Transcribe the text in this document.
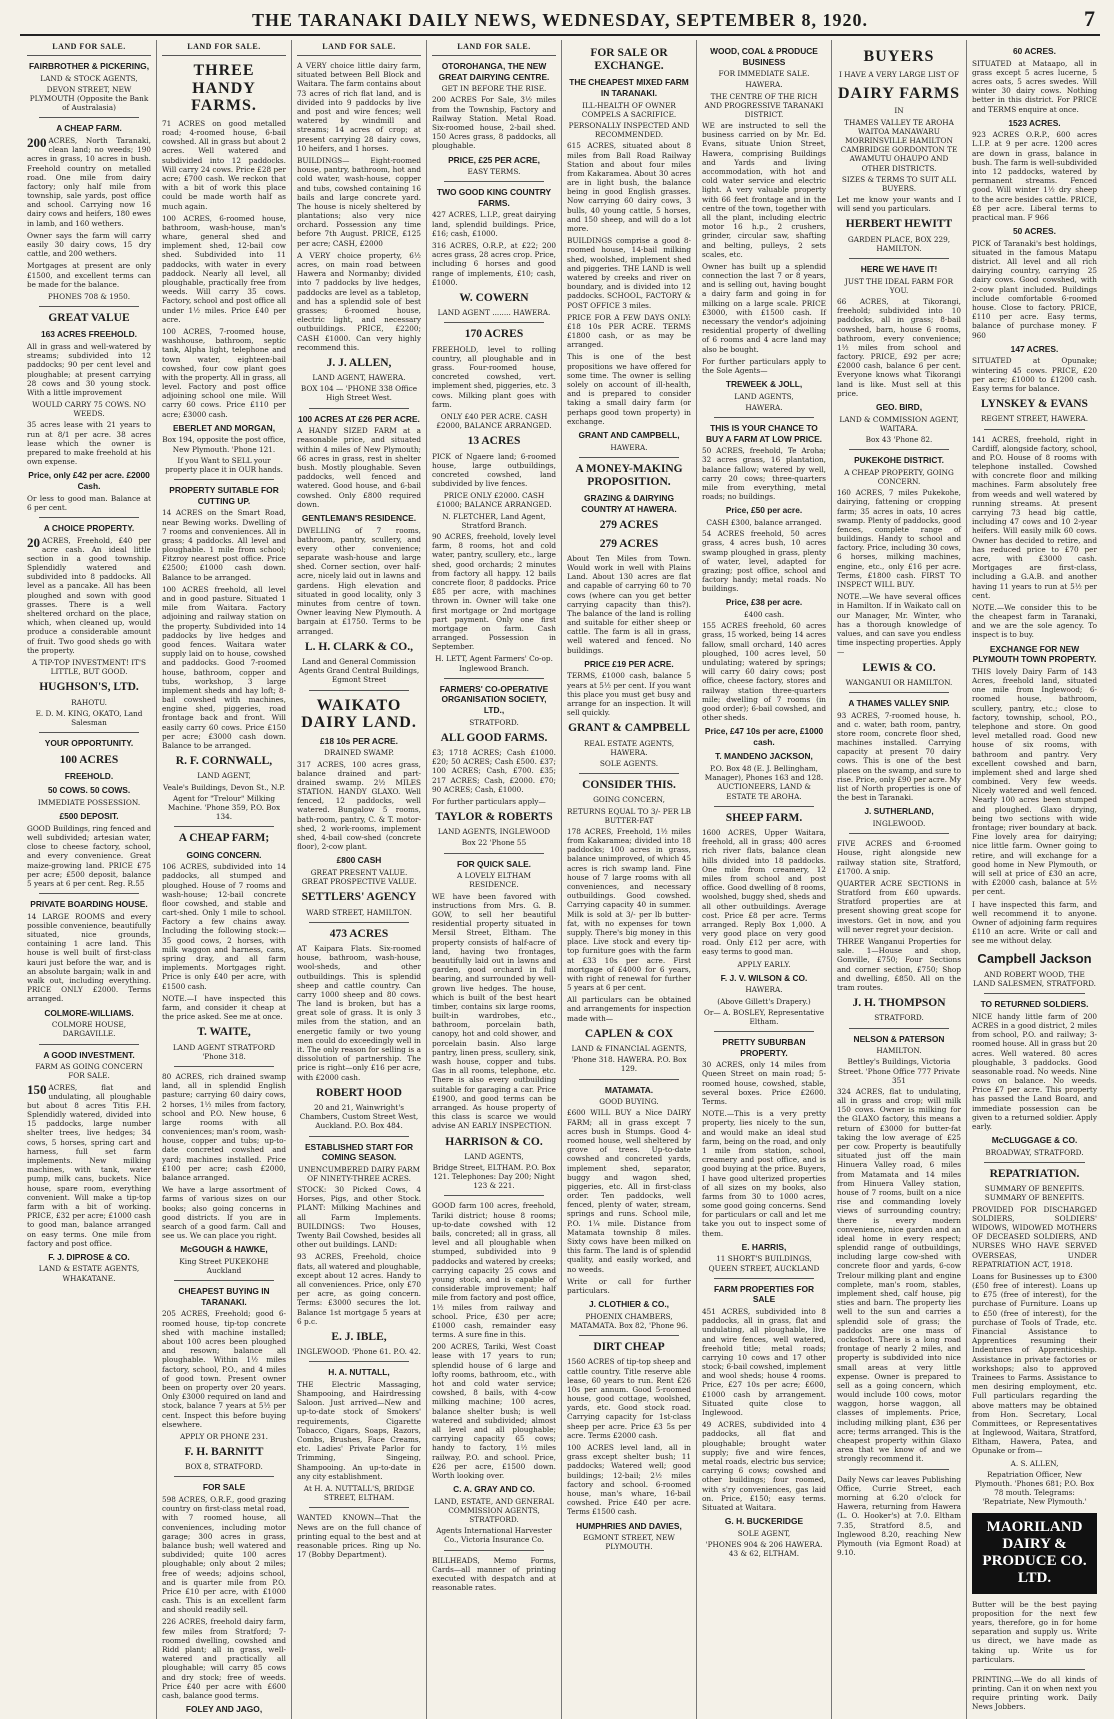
THE TARANAKI DAILY NEWS, WEDNESDAY, SEPTEMBER 8, 1920.	7
LAND FOR SALE.
FAIRBROTHER & PICKERING,
LAND & STOCK AGENTS,
DEVON STREET, NEW PLYMOUTH (Opposite the Bank of Australasia)
A CHEAP FARM.

200 ACRES, North Taranaki, clean land; no weeds; 190 acres in grass, 10 acres in bush. Freehold country on metalled road. One mile from dairy factory; only half mile from township, sale yards, post office and school. Carrying now 16 dairy cows and heifers, 180 ewes in lamb, and 160 wethers.

Owner says the farm will carry easily 30 dairy cows, 15 dry cattle, and 200 wethers.

Mortgages at present are only £1500, and excellent terms can be made for the balance.

PHONES 708 & 1950.
GREAT VALUE
163 ACRES FREEHOLD.

All in grass and well-watered by streams; subdivided into 12 paddocks; 90 per cent level and ploughable; at present carrying 28 cows and 30 young stock. With a little improvement

WOULD CARRY 75 COWS. NO WEEDS.

35 acres lease with 21 years to run at 8/1 per acre. 38 acres lease which the owner is prepared to make freehold at his own expense.

Price, only £42 per acre. £2000 Cash.

Or less to good man. Balance at 6 per cent.

A CHOICE PROPERTY.

20 ACRES, Freehold, £40 per acre cash. An ideal little section in a good township. Splendidly watered and subdivided into 8 paddocks. All level as a pancake. All has been ploughed and sown with good grasses. There is a well sheltered orchard on the place, which, when cleaned up, would produce a considerable amount of fruit. Two good sheds go with the property.

A TIP-TOP INVESTMENT! IT'S LITTLE, BUT GOOD.
HUGHSON'S, LTD.
RAHOTU.
E. D. M. KING, OKATO, Land Salesman
YOUR OPPORTUNITY.
100 ACRES
FREEHOLD.
50 COWS. 50 COWS.
IMMEDIATE POSSESSION.
£500 DEPOSIT.

GOOD Buildings, ring fenced and well subdivided; artesian water, close to cheese factory, school, and every convenience. Great maize-growing land. PRICE £75 per acre; £500 deposit, balance 5 years at 6 per cent. Reg. R.55

PRIVATE BOARDING HOUSE.

14 LARGE ROOMS and every possible convenience, beautifully situated, nice grounds, containing 1 acre land. This house is well built of first-class kauri just before the war, and is an absolute bargain; walk in and walk out, including everything. PRICE ONLY £2000. Terms arranged.

COLMORE-WILLIAMS.
COLMORE HOUSE, DARGAVILLE.
A GOOD INVESTMENT.
FARM AS GOING CONCERN FOR SALE.

150 ACRES, flat and undulating, all ploughable but about 8 acres Titis F.H. Splendidly watered, divided into 15 paddocks, large number shelter trees, live hedges; 34 cows, 5 horses, spring cart and harness, full set farm implements. New milking machines, with tank, water pump, milk cans, buckets. Nice house, spare room, everything convenient. Will make a tip-top farm with a bit of working. PRICE, £32 per acre; £1000 cash to good man, balance arranged on easy terms. One mile from factory and post office.

F. J. DIPROSE & CO.
LAND & ESTATE AGENTS, WHAKATANE.
LAND FOR SALE.
THREE HANDY FARMS.

71 ACRES on good metalled road; 4-roomed house, 6-bail cowshed. All in grass but about 2 acres. Well watered and subdivided into 12 paddocks. Will carry 24 cows. Price £28 per acre; £700 cash. We reckon that with a bit of work this place could be made worth half as much again.

100 ACRES, 6-roomed house, bathroom, wash-house, man's whare, general shed and implement shed, 12-bail cow shed. Subdivided into 11 paddocks, with water in every paddock. Nearly all level, all ploughable, practically free from weeds. Will carry 35 cows. Factory, school and post office all under 1½ miles. Price £40 per acre.

100 ACRES, 7-roomed house, washhouse, bathroom, septic tank, Alpha light, telephone and town water, eighteen-bail cowshed, four cow plant goes with the property. All in grass, all level. Factory and post office adjoining school one mile. Will carry 60 cows. Price £110 per acre; £3000 cash.

EBERLET AND MORGAN,
Box 194, opposite the post office, New Plymouth. 'Phone 121.
If you Want to SELL your property place it in OUR hands.
PROPERTY SUITABLE FOR CUTTING UP.

14 ACRES on the Smart Road, near Bewing works. Dwelling of 7 rooms and conveniences. All in grass; 4 paddocks. All level and ploughable. 1 mile from school; Fitzroy nearest post office. Price £2500; £1000 cash down. Balance to be arranged.

100 ACRES freehold, all level and in good pasture. Situated 1 mile from Waitara. Factory adjoining and railway station on the property. Subdivided into 14 paddocks by live hedges and good fences. Waitara water supply laid on to house, cowshed and paddocks. Good 7-roomed house, bathroom, copper and tubs, workshop, 3 large implement sheds and hay loft; 8-bail cowshed with machines, engine shed, piggeries, road frontage back and front. Will easily carry 60 cows. Price £150 per acre; £3000 cash down. Balance to be arranged.

R. F. CORNWALL,
LAND AGENT,
Veale's Buildings, Devon St., N.P.
Agent for "Trelour" Milking Machine. 'Phone 359, P.O. Box 134.
A CHEAP FARM;
GOING CONCERN.

106 ACRES, subdivided into 14 paddocks, all stumped and ploughed. House of 7 rooms and wash-house; 12-bail concrete floor cowshed, and stable and cart-shed. Only 1 mile to school. Factory a few chains away. Including the following stock:—35 good cows, 2 horses, with milk waggon and harness, cans, spring dray, and all farm implements. Mortgages right. Price is only £40 per acre, with £1500 cash.

NOTE.—I have inspected this farm, and consider it cheap at the price asked. See me at once.

T. WAITE,
LAND AGENT STRATFORD 'Phone 318.

80 ACRES, rich drained swamp land, all in splendid English pasture; carrying 60 dairy cows, 2 horses, 1½ miles from factory, school and P.O. New house, 6 large rooms with all conveniences; man's room, wash-house, copper and tubs; up-to-date concreted cowshed and yard; machines installed. Price £100 per acre; cash £2000, balance arranged.

We have a large assortment of farms of various sizes on our books; also going concerns in good districts. If you are in search of a good farm. Call and see us. We can place you right.

McGOUGH & HAWKE,
King Street PUKEKOHE Auckland
CHEAPEST BUYING IN TARANAKI.

205 ACRES, Freehold; good 6-roomed house, tip-top concrete shed with machine installed; about 100 acres been ploughed and resown; balance all ploughable. Within 1½ miles factory, school, P.O., and 4 miles of good town. Present owner been on property over 20 years. Only £3000 required on land and stock, balance 7 years at 5½ per cent. Inspect this before buying elsewhere.

APPLY OR PHONE 231.
F. H. BARNITT
BOX 8, STRATFORD.
FOR SALE

598 ACRES, O.R.F., good grazing country on first-class metal road, with 7 roomed house, all conveniences, including motor garage; 300 acres in grass, balance bush; well watered and subdivided; quite 100 acres ploughable; only about 2 miles; free of weeds; adjoins school, and is quarter mile from P.O. Price £10 per acre, with £1000 cash. This is an excellent farm and should readily sell.

226 ACRES, freehold dairy farm, few miles from Stratford; 7-roomed dwelling, cowshed and Ridd plant; all in grass, well-watered and practically all ploughable; will carry 85 cows and dry stock; free of weeds. Price £40 per acre with £600 cash, balance good terms.

FOLEY AND JAGO,
LAND FOR SALE.

A VERY choice little dairy farm, situated between Bell Block and Waitara. The farm contains about 73 acres of rich flat land, and is divided into 9 paddocks by live and post and wire fences; well watered by windmill and streams; 14 acres of crop; at present carrying 28 dairy cows, 10 heifers, and 1 horses.

BUILDINGS— Eight-roomed house, pantry, bathroom, hot and cold water, wash-house, copper and tubs, cowshed containing 16 bails and large concrete yard. The house is nicely sheltered by plantations; also very nice orchard. Possession any time before 7th August. PRICE, £125 per acre; CASH, £2000

A VERY choice property, 6½ acres, on main road between Hawera and Normanby; divided into 7 paddocks by live hedges, paddocks are level as a tabletop, and has a splendid sole of best grasses; 6-roomed house, electric light, and necessary outbuildings. PRICE, £2200; CASH £1000. Can very highly recommend this.

J. J. ALLEN,
LAND AGENT, HAWERA.
BOX 104 — 'PHONE 338 Office High Street West.
100 ACRES AT £26 PER ACRE.

A HANDY SIZED FARM at a reasonable price, and situated within 4 miles of New Plymouth; 66 acres in grass, rest in shelter bush. Mostly ploughable. Seven paddocks, well fenced and watered. Good house, and 6-bail cowshed. Only £800 required down.

GENTLEMAN'S RESIDENCE.

DWELLING of 7 rooms, bathroom, pantry, scullery, and every other convenience; separate wash-house and large shed. Corner section, over half-acre, nicely laid out in lawns and gardens. High elevation and situated in good locality, only 3 minutes from centre of town. Owner leaving New Plymouth. A bargain at £1750. Terms to be arranged.

L. H. CLARK & CO.,
Land and General Commission Agents Grand Central Buildings, Egmont Street
WAIKATO DAIRY LAND.
£18 10s PER ACRE.
DRAINED SWAMP.

317 ACRES, 100 acres grass, balance drained and part-drained swamp. 2½ MILES STATION. HANDY GLAXO. Well fenced, 12 paddocks, well watered. Bungalow 5 rooms, bath-room, pantry, C. & T. motor-shed, 2 work-rooms, implement shed, 4-bail cow-shed (concrete floor), 2-cow plant.

£800 CASH
GREAT PRESENT VALUE. GREAT PROSPECTIVE VALUE.
SETTLERS' AGENCY
WARD STREET, HAMILTON.
473 ACRES

AT Kaipara Flats. Six-roomed house, bathroom, wash-house, wool-sheds, and other outbuildings. This is splendid sheep and cattle country. Can carry 1000 sheep and 80 cows. The land is broken, but has a great sole of grass. It is only 3 miles from the station, and an energetic family or two young men could do exceedingly well in it. The only reason for selling is a dissolution of partnership. The price is right—only £16 per acre, with £2000 cash.

ROBERT HOOD
20 and 21, Wainwright's Chambers, Custom Street West, Auckland. P.O. Box 484.
ESTABLISHED START FOR COMING SEASON.
UNENCUMBERED DAIRY FARM OF NINETY-THREE ACRES.

STOCK: 30 Picked Cows, 4 Horses, Pigs, and other Stock. PLANT: Milking Machines and all Farm Implements. BUILDINGS: Two Houses, Twenty Bail Cowshed, besides all other out buildings. LAND:

93 ACRES, Freehold, choice flats, all watered and ploughable, except about 12 acres. Handy to all conveniences. Price, only £70 per acre, as going concern. Terms: £3000 secures the lot. Balance 1st mortgage 5 years at 6 p.c.

E. J. IBLE,
INGLEWOOD. 'Phone 61. P.O. 42.
H. A. NUTTALL,

THE Electric Massaging, Shampooing, and Hairdressing Saloon. Just arrived—New and up-to-date stock of Smokers' requirements, Cigarette Tobacco, Cigars, Soaps, Razors, Combs, Brushes, Face Creams, etc. Ladies' Private Parlor for Trimming, Singeing, Shampooing. An up-to-date in any city establishment.

At H. A. NUTTALL'S, BRIDGE STREET, ELTHAM.

WANTED KNOWN—That the News are on the full chance of printing equal to the best and at reasonable prices. Ring up No. 17 (Bobby Department).

LAND FOR SALE.
OTOROHANGA, THE NEW GREAT DAIRYING CENTRE.
GET IN BEFORE THE RISE.

200 ACRES For Sale, 3½ miles from the Township, Factory and Railway Station. Metal Road. Six-roomed house, 2-bail shed. 150 Acres grass, 8 paddocks, all ploughable.

PRICE, £25 PER ACRE,
EASY TERMS.
TWO GOOD KING COUNTRY FARMS.

427 ACRES, L.I.P., great dairying land, splendid buildings. Price, £16; cash, £1000.

316 ACRES, O.R.P., at £22; 200 acres grass, 28 acres crop. Price, including 6 horses and good range of implements, £10; cash, £1000.

W. COWERN
LAND AGENT ........ HAWERA.
170 ACRES

FREEHOLD, level to rolling country, all ploughable and in grass. Four-roomed house, concreted cowshed, vert. implement shed, piggeries, etc. 3 cows. Milking plant goes with farm.

ONLY £40 PER ACRE. CASH £2000, BALANCE ARRANGED.
13 ACRES

PICK of Ngaere land; 6-roomed house, large outbuildings, concreted cowshed, land subdivided by live fences.

PRICE ONLY £2000. CASH £1000; BALANCE ARRANGED.
N. FLETCHER, Land Agent, Stratford Branch.

90 ACRES, freehold, lovely level farm, 8 rooms, hot and cold water, pantry, scullery, etc., large shed, good orchards; 2 minutes from factory all happy. 12 bails concrete floor, 8 paddocks. Price £85 per acre, with machines thrown in. Owner will take one first mortgage or 2nd mortgage part payment. Only one first mortgage on farm. Cash arranged. Possession in September.

H. LETT, Agent Farmers' Co-op. Inglewood Branch.
FARMERS' CO-OPERATIVE ORGANISATION SOCIETY, LTD.,
STRATFORD.
ALL GOOD FARMS.

£3; 1718 ACRES; Cash £1000. £20; 50 ACRES; Cash £500. £37; 100 ACRES; Cash, £700. £35; 217 ACRES; Cash, £2000. £70; 90 ACRES; Cash, £1000.

For further particulars apply—

TAYLOR & ROBERTS
LAND AGENTS, INGLEWOOD
Box 22 'Phone 55
FOR QUICK SALE.
A LOVELY ELTHAM RESIDENCE.

WE have been favored with instructions from Mrs. G. B. GOW, to sell her beautiful residential property situated in Mersil Street, Eltham. The property consists of half-acre of land, having two frontages, beautifully laid out in lawns and garden, good orchard in full bearing, and surrounded by well-grown live hedges. The house, which is built of the best heart timber, contains six large rooms, built-in wardrobes, etc., bathroom, porcelain bath, canopy, hot and cold shower, and porcelain basin. Also large pantry, linen press, scullery, sink, wash house, copper and tubs. Gas in all rooms, telephone, etc. There is also every outbuilding suitable for garaging a car. Price £1900, and good terms can be arranged. As house property of this class is scarce we would advise AN EARLY INSPECTION.

HARRISON & CO.
LAND AGENTS,
Bridge Street, ELTHAM. P.O. Box 121. Telephones: Day 200; Night 123 & 221.

GOOD farm 100 acres, freehold, Tariki district; house 8 rooms; up-to-date cowshed with 12 bails, concreted; all in grass, all level and all ploughable when stumped, subdivided into 9 paddocks and watered by creeks; carrying capacity 25 cows and young stock, and is capable of considerable improvement; half mile from factory and post office, 1½ miles from railway and school. Price, £30 per acre; £1000 cash, remainder easy terms. A sure fine in this.

200 ACRES, Tariki, West Coast lease with 17 years to run; splendid house of 6 large and lofty rooms, bathroom, etc., with hot and cold water service; cowshed, 8 bails, with 4-cow milking machine; 100 acres, balance shelter bush; is well watered and subdivided; almost all level and all ploughable; carrying capacity 65 cows; handy to factory, 1½ miles railway, P.O. and school. Price, £26 per acre, £1500 down. Worth looking over.

C. A. GRAY AND CO.
LAND, ESTATE, AND GENERAL COMMISSION AGENTS, STRATFORD.
Agents International Harvester Co., Victoria Insurance Co.

BILLHEADS, Memo Forms, Cards—all manner of printing executed with despatch and at reasonable rates.

FOR SALE OR EXCHANGE.
THE CHEAPEST MIXED FARM IN TARANAKI.
ILL-HEALTH OF OWNER COMPELS A SACRIFICE.
PERSONALLY INSPECTED AND RECOMMENDED.

615 ACRES, situated about 8 miles from Ball Road Railway Station and about four miles from Kakaramea. About 30 acres are in light bush, the balance being in good English grasses. Now carrying 60 dairy cows, 3 bulls, 40 young cattle, 5 horses, and 150 sheep, and will do a lot more.

BUILDINGS comprise a good 8-roomed house, 14-bail milking shed, woolshed, implement shed and piggeries. THE LAND is well watered by creeks and river on boundary, and is divided into 12 paddocks. SCHOOL, FACTORY & POST OFFICE 3 miles.

PRICE FOR A FEW DAYS ONLY: £18 10s PER ACRE. TERMS £1800 cash, or as may be arranged.

This is one of the best propositions we have offered for some time. The owner is selling solely on account of ill-health, and is prepared to consider taking a small dairy farm (or perhaps good town property) in exchange.

GRANT AND CAMPBELL,
HAWERA.
A MONEY-MAKING PROPOSITION.
GRAZING & DAIRYING COUNTRY AT HAWERA.
279 ACRES
279 ACRES

About Ten Miles from Town. Would work in well with Plains Land. About 130 acres are flat and capable of carrying 60 to 70 cows (where can you get better carrying capacity than this?). The balance of the land is rolling and suitable for either sheep or cattle. The farm is all in grass, well watered and fenced. No buildings.

PRICE £19 PER ACRE.

TERMS, £1000 cash, balance 5 years at 5½ per cent. If you want this place you must get busy and arrange for an inspection. It will sell quickly.

GRANT & CAMPBELL
REAL ESTATE AGENTS, HAWERA.
SOLE AGENTS.
CONSIDER THIS.
GOING CONCERN,
RETURNS EQUAL TO 3/- PER LB BUTTER-FAT

178 ACRES, Freehold, 1½ miles from Kakaramea; divided into 18 paddocks; 100 acres in grass, balance unimproved, of which 45 acres is rich swamp land. Fine house of 7 large rooms with all conveniences, and necessary outbuildings. Good cowshed. Carrying capacity 40 in summer. Milk is sold at 3/- per lb butter-fat, with no expenses for town supply. There's big money in this place. Live stock and every tip-top furniture goes with the farm at £33 10s per acre. First mortgage of £4000 for 6 years, with right of renewal for further 5 years at 6 per cent.

All particulars can be obtained and arrangements for inspection made with—

CAPLEN & COX
LAND & FINANCIAL AGENTS,
'Phone 318. HAWERA. P.O. Box 129.
MATAMATA.
GOOD BUYING.

£600 WILL BUY a Nice DAIRY FARM; all in grass except 7 acres bush in Stumps. Good 4-roomed house, well sheltered by grove of trees. Up-to-date cowshed and concreted yards, implement shed, separator, buggy and wagon shed, piggeries, etc. All in first-class order. Ten paddocks, well fenced, plenty of water, stream, springs and runs. School mile, P.O. 1¼ mile. Distance from Matamata township 8 miles. Sixty cows have been milked on this farm. The land is of splendid quality, and easily worked, and no weeds.

Write or call for further particulars.

J. CLOTHIER & CO.,
PHOENIX CHAMBERS, MATAMATA. Box 82, 'Phone 96.
DIRT CHEAP

1560 ACRES of tip-top sheep and cattle country. Title reserve able lease, 60 years to run. Rent £26 10s per annum. Good 5-roomed house, good cottage, woolshed, yards, etc. Good stock road. Carrying capacity for 1st-class sheep per acre. Price £3 5s per acre. Terms £2000 cash.

100 ACRES level land, all in grass except shelter bush; 11 paddocks; Watered well; good buildings; 12-bail; 2½ miles factory and school. 6-roomed house, man's whare, 16-bail cowshed. Price £40 per acre. Terms £1500 cash.

HUMPHRIES AND DAVIES,
EGMONT STREET, NEW PLYMOUTH.
WOOD, COAL & PRODUCE BUSINESS
FOR IMMEDIATE SALE.
HAWERA.
THE CENTRE OF THE RICH AND PROGRESSIVE TARANAKI DISTRICT.

WE are instructed to sell the business carried on by Mr. Ed. Evans, situate Union Street, Hawera, comprising Buildings and Yards and living accommodation, with hot and cold water service and electric light. A very valuable property with 66 feet frontage and in the centre of the town, together with all the plant, including electric motor 16 h.p., 2 crushers, grinder, circular saw, shafting and belting, pulleys, 2 sets scales, etc.

Owner has built up a splendid connection the last 7 or 8 years, and is selling out, having bought a dairy farm and going in for milking on a large scale. PRICE £3000, with £1500 cash. If necessary the vendor's adjoining residential property of dwelling of 6 rooms and 4 acre land may also be bought.

For further particulars apply to the Sole Agents—

TREWEEK & JOLL,
LAND AGENTS,
HAWERA.
THIS IS YOUR CHANCE TO BUY A FARM AT LOW PRICE.

50 ACRES, freehold, Te Aroha; 32 acres grass, 16 plantation, balance fallow; watered by well, carry 20 cows; three-quarters mile from everything, metal roads; no buildings.

Price, £50 per acre.
CASH £300, balance arranged.

54 ACRES freehold, 50 acres grass, 4 acres bush, 10 acres swamp ploughed in grass, plenty of water, level, adapted for grazing; post office, school and factory handy; metal roads. No buildings.

Price, £38 per acre.
£400 cash.

155 ACRES freehold, 60 acres grass, 15 worked, being 14 acres fallow, small orchard, 140 acres ploughed, 100 acres level, 50 undulating; watered by springs; will carry 60 dairy cows; post office, cheese factory, stores and railway station three-quarters mile; dwelling of 7 rooms (in good order); 6-bail cowshed, and other sheds.

Price, £47 10s per acre, £1000 cash.
T. MANDENO JACKSON,
P.O. Box 48 (E. J. Bellingham, Manager), Phones 163 and 128. AUCTIONEERS, LAND & ESTATE TE AROHA.
SHEEP FARM.

1600 ACRES, Upper Waitara, freehold, all in grass; 400 acres rich river flats, balance clean hills divided into 18 paddocks. One mile from creamery, 12 miles from school and post office. Good dwelling of 8 rooms, woolshed, buggy shed, sheds and all other outbuildings. Average cost. Price £8 per acre. Terms arranged. Reply Box 1,000. A very good place on very good road. Only £12 per acre, with easy terms to good man.

APPLY EARLY.
F. J. V. WILSON & CO.
HAWERA.
(Above Gillett's Drapery.)
Or— A. BOSLEY, Representative Eltham.
PRETTY SUBURBAN PROPERTY.

30 ACRES, only 14 miles from Queen Street on main road; 5-roomed house, cowshed, stable, several boxes. Price £2600. Terms.

NOTE.—This is a very pretty property, lies nicely to the sun, and would make an ideal stud farm, being on the road, and only 1 mile from station, school, creamery and post office, and is good buying at the price. Buyers, I have good ulterized properties of all sizes on my books, also farms from 30 to 1000 acres, some good going concerns. Send for particulars or call and let me take you out to inspect some of them.

E. HARRIS,
11 SHORT'S BUILDINGS, QUEEN STREET, AUCKLAND
FARM PROPERTIES FOR SALE

451 ACRES, subdivided into 8 paddocks, all in grass, flat and undulating, all ploughable, live and wire fences, well watered, freehold title; metal roads; carrying 10 cows and 17 other stock; 6-bail cowshed, implement and wool sheds; house 4 rooms. Price, £27 10s per acre; £600, £1000 cash by arrangement. Situated quite close to Inglewood.

49 ACRES, subdivided into 4 paddocks, all flat and ploughable; brought water supply; five and wire fences, metal roads, electric bus service; carrying 6 cows; cowshed and other buildings; four roomed, with s'ry conveniences, gas laid on. Price, £150; easy terms. Situated at Waitara.

G. H. BUCKERIDGE
SOLE AGENT,
'PHONES 904 & 206 HAWERA. 43 & 62, ELTHAM.
BUYERS
I HAVE A VERY LARGE LIST OF
DAIRY FARMS
IN
THAMES VALLEY TE AROHA WAITOA MANAWARU MORRINSVILLE HAMILTON CAMBRIDGE GORDONTON TE AWAMUTU OHAUPO AND OTHER DISTRICTS.
SIZES & TERMS TO SUIT ALL BUYERS.

Let me know your wants and I will send you particulars.

HERBERT HEWITT
GARDEN PLACE, BOX 229, HAMILTON.
HERE WE HAVE IT!
JUST THE IDEAL FARM FOR YOU.

66 ACRES, at Tikorangi, freehold; subdivided into 10 paddocks, all in grass; 8-bail cowshed, barn, house 6 rooms, bathroom, every convenience; 1½ miles from school and factory. PRICE, £92 per acre; £2000 cash, balance 6 per cent. Everyone knows what Tikorangi land is like. Must sell at this price.

GEO. BIRD,
LAND & COMMISSION AGENT, WAITARA.
Box 43 'Phone 82.
PUKEKOHE DISTRICT.
A CHEAP PROPERTY, GOING CONCERN.

160 ACRES, 7 miles Pukekohe, dairying, fattening or cropping farm; 35 acres in oats, 10 acres swamp. Plenty of paddocks, good fences, complete range of buildings. Handy to school and factory. Price, including 30 cows, 6 horses, milking machines, engine, etc., only £16 per acre. Terms, £1800 cash. FIRST TO INSPECT WILL BUY.

NOTE.—We have several offices in Hamilton. If in Waikato call on our Manager, Mr. Winter, who has a thorough knowledge of values, and can save you endless time inspecting properties. Apply—

LEWIS & CO.
WANGANUI OR HAMILTON.
A THAMES VALLEY SNIP.

93 ACRES, 7-roomed house, h. and c. water, bath room, pantry, store room, concrete floor shed, machines installed. Carrying capacity at present 70 dairy cows. This is one of the best places on the swamp, and sure to rise. Price, only £90 per acre. My list of North properties is one of the best in Taranaki.

J. SUTHERLAND,
INGLEWOOD.

FIVE ACRES and 6-roomed House, right alongside new railway station site, Stratford, £1700. A snip.

QUARTER ACRE SECTIONS in Stratford from £60 upwards. Stratford properties are at present showing great scope for investors. Get in now, and you will never regret your decision.

THREE Wanganui Properties for sale. 1—House and shop, Gonville, £750; Four Sections and corner section, £750; Shop and dwelling, £850. All on the tram routes.

J. H. THOMPSON
STRATFORD.
NELSON & PATERSON
HAMILTON.
Bettley's Buildings, Victoria Street. 'Phone Office 777 Private 351

324 ACRES, flat to undulating, all in grass and crop; will milk 150 cows. Owner is milking for the GLAXO factory, this means a return of £3000 for butter-fat taking the low average of £25 per cow. Property is beautifully situated just off the main Hinuera Valley road, 6 miles from Matamata and 14 miles from Hinuera Valley station, house of 7 rooms, built on a nice rise and commanding lovely views of surrounding country; there is every modern convenience, nice garden and an ideal home in every respect; splendid range of outbuildings, including large cow-shed with concrete floor and yards, 6-cow Trelour milking plant and engine complete, man's room, stables, implement shed, calf house, pig sties and barn. The property lies well to the sun and carries a splendid sole of grass; the paddocks are one mass of cocksfoot. There is a long road frontage of nearly 2 miles, and property is subdivided into nice small areas at very little expense. Owner is prepared to sell as a going concern, which would include 100 cows, motor waggon, horse waggon, all classes of implements. Price, including milking plant, £36 per acre; terms arranged. This is the cheapest property within Glaxo area that we know of and we strongly recommend it.

Daily News car leaves Publishing Office, Currie Street, each morning at 6.20 o'clock for Hawera, returning from Hawera (L. O. Hooker's) at 7.0. Eltham 7.35, Stratford 8.5, and Inglewood 8.20, reaching New Plymouth (via Egmont Road) at 9.10.

60 ACRES.

SITUATED at Mataapo, all in grass except 5 acres lucerne, 5 acres oats, 5 acres swedes. Will winter 30 dairy cows. Nothing better in this district. For PRICE and TERMS enquire at once.

1523 ACRES.

923 ACRES O.R.P., 600 acres L.I.P. at 9 per acre. 1200 acres are down in grass, balance in bush. The farm is well-subdivided into 12 paddocks, watered by permanent streams. Fenced good. Will winter 1½ dry sheep to the acre besides cattle. PRICE, £8 per acre. Liberal terms to practical man. F 966

50 ACRES.

PICK of Taranaki's best holdings, situated in the famous Matapu district. All level and all rich dairying country, carrying 25 dairy cows. Good cowshed, with 2-cow plant included. Buildings include comfortable 6-roomed house. Close to factory. PRICE, £110 per acre. Easy terms, balance of purchase money. F 960

147 ACRES.

SITUATED at Opunake; wintering 45 cows. PRICE, £20 per acre; £1000 to £1200 cash. Easy terms for balance.

LYNSKEY & EVANS
REGENT STREET, HAWERA.

141 ACRES, freehold, right in Cardiff, alongside factory, school, and P.O. House of 8 rooms with telephone installed. Cowshed with concrete floor and milking machines. Farm absolutely free from weeds and well watered by running streams. At present carrying 73 head big cattle, including 47 cows and 10 2-year heifers. Will easily milk 60 cows. Owner has decided to retire, and has reduced price to £70 per acre, with £3000 cash. Mortgages are first-class, including a G.A.B. and another having 11 years to run at 5½ per cent.

NOTE.—We consider this to be the cheapest farm in Taranaki, and we are the sole agency. To inspect is to buy.

EXCHANGE FOR NEW PLYMOUTH TOWN PROPERTY.

THIS lovely Dairy Farm of 143 Acres, freehold land, situated one mile from Inglewood; 6-roomed house, bathroom, scullery, pantry, etc.; close to factory, township, school, P.O., telephone and store. On good level metalled road. Good new house of six rooms, with bathroom and pantry. Very excellent cowshed and barn, implement shed and large shed combined. Very few weeds. Nicely watered and well fenced. Nearly 100 acres been stumped and ploughed. Glaxo drying, being two sections with wide frontage; river boundary at back. Fine lovely area for dairying; nice little farm. Owner going to retire, and will exchange for a good home in New Plymouth, or will sell at price of £30 an acre, with £2000 cash, balance at 5½ per cent.

I have inspected this farm, and well recommend it to anyone. Owner of adjoining farm requires £110 an acre. Write or call and see me without delay.

Campbell Jackson
AND ROBERT WOOD, THE LAND SALESMEN, STRATFORD.
TO RETURNED SOLDIERS.

NICE handy little farm of 200 ACRES in a good district, 2 miles from school, P.O. and railway; 3-roomed house. All in grass but 20 acres. Well watered. 80 acres ploughable, 3 paddocks. Good seasonable road. No weeds. Nine cows on balance. No weeds. Price £7 per acre. This property has passed the Land Board, and immediate possession can be given to a returned soldier. Apply early.

McCLUGGAGE & CO.
BROADWAY, STRATFORD.
REPATRIATION.
SUMMARY OF BENEFITS. SUMMARY OF BENEFITS.

PROVIDED FOR DISCHARGED SOLDIERS, SOLDIERS' WIDOWS, WIDOWED MOTHERS OF DECEASED SOLDIERS, AND NURSES WHO HAVE SERVED OVERSEAS, UNDER REPATRIATION ACT, 1918.

Loans for Businesses up to £300 (£50 free of interest). Loans up to £75 (free of interest), for the purchase of Furniture. Loans up to £50 (free of interest), for the purchase of Tools of Trade, etc. Financial Assistance to Apprentices resuming their Indentures of Apprenticeship. Assistance in private factories or workshops; also to approved Trainees to Farms. Assistance to men desiring employment, etc. Full particulars regarding the above matters may be obtained from Hon. Secretary, Local Committees, or Representatives at Inglewood, Waitara, Stratford, Eltham, Hawera, Patea, and Opunake or from—

A. S. ALLEN,
Repatriation Officer, New Plymouth. 'Phones 681; P.O. Box 78 mouth. Telegrams: 'Repatriate, New Plymouth.'
MAORILAND DAIRY & PRODUCE CO. LTD.

Butter will be the best paying proposition for the next few years, therefore, go in for home separation and supply us. Write us direct, we have made as taking up. Write us for particulars.

PRINTING.—We do all kinds of printing. Can it on when next you require printing work. Daily News Jobbers.
